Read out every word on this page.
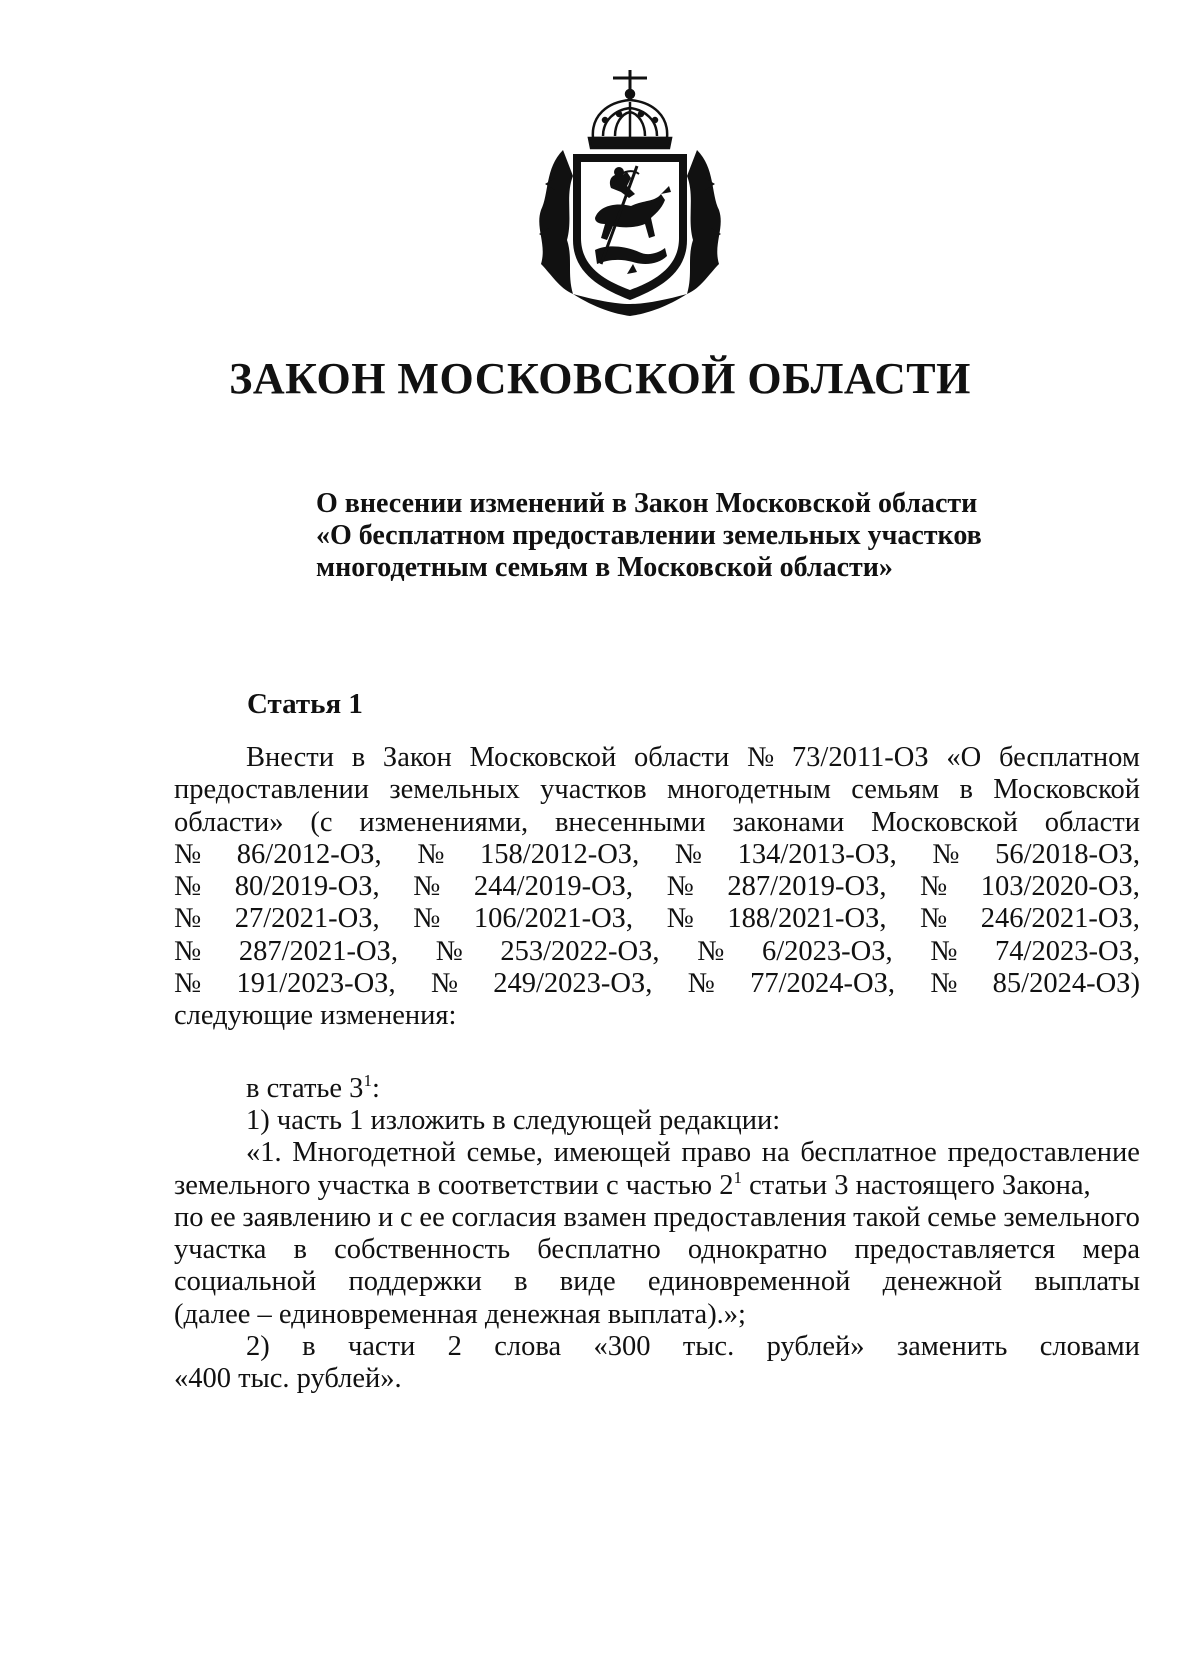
ЗАКОН МОСКОВСКОЙ ОБЛАСТИ
О внесении изменений в Закон Московской области
«О бесплатном предоставлении земельных участков
многодетным семьям в Московской области»
Статья 1
Внести в Закон Московской области № 73/2011-ОЗ «О бесплатном
предоставлении земельных участков многодетным семьям в Московской
области» (с изменениями, внесенными законами Московской области
№ 86/2012-ОЗ, № 158/2012-ОЗ, № 134/2013-ОЗ, № 56/2018-ОЗ,
№ 80/2019-ОЗ, № 244/2019-ОЗ, № 287/2019-ОЗ, № 103/2020-ОЗ,
№ 27/2021-ОЗ, № 106/2021-ОЗ, № 188/2021-ОЗ, № 246/2021-ОЗ,
№ 287/2021-ОЗ, № 253/2022-ОЗ, № 6/2023-ОЗ, № 74/2023-ОЗ,
№ 191/2023-ОЗ, № 249/2023-ОЗ, № 77/2024-ОЗ, № 85/2024-ОЗ)
следующие изменения:
в статье $3^1$:
1) часть 1 изложить в следующей редакции:
«1. Многодетной семье, имеющей право на бесплатное предоставление
земельного участка в соответствии с частью $2^1$ статьи 3 настоящего Закона,
по ее заявлению и с ее согласия взамен предоставления такой семье земельного
участка в собственность бесплатно однократно предоставляется мера
социальной поддержки в виде единовременной денежной выплаты
(далее – единовременная денежная выплата).»;
2) в части 2 слова «300 тыс. рублей» заменить словами
«400 тыс. рублей».
